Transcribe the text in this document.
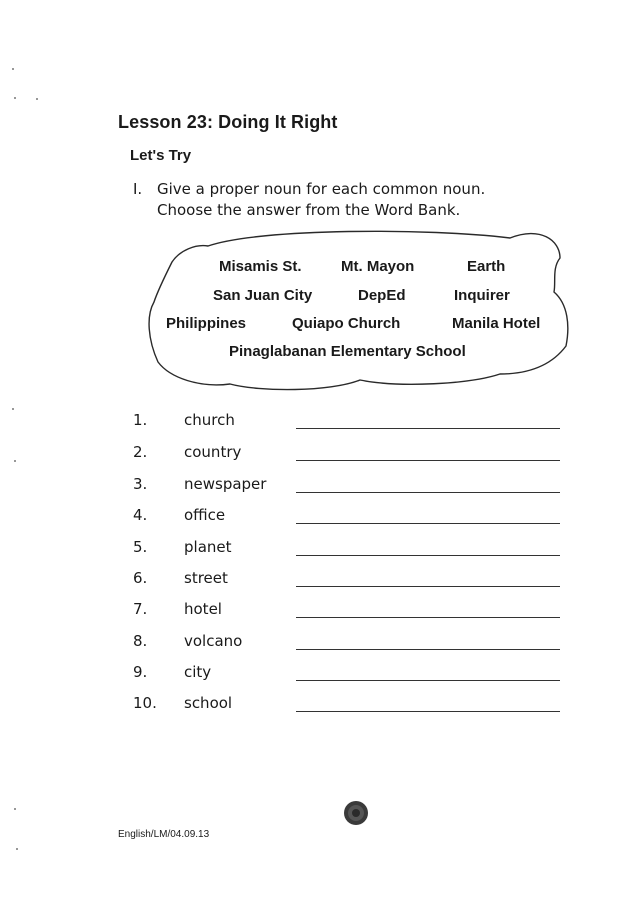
Lesson 23: Doing It Right
Let's Try
I. Give a proper noun for each common noun.
Choose the answer from the Word Bank.
Misamis St.	Mt. Mayon	Earth
San Juan City	DepEd	Inquirer
Philippines	Quiapo Church	Manila Hotel
Pinaglabanan Elementary School
1. church
2. country
3. newspaper
4. office
5. planet
6. street
7. hotel
8. volcano
9. city
10. school
English/LM/04.09.13
